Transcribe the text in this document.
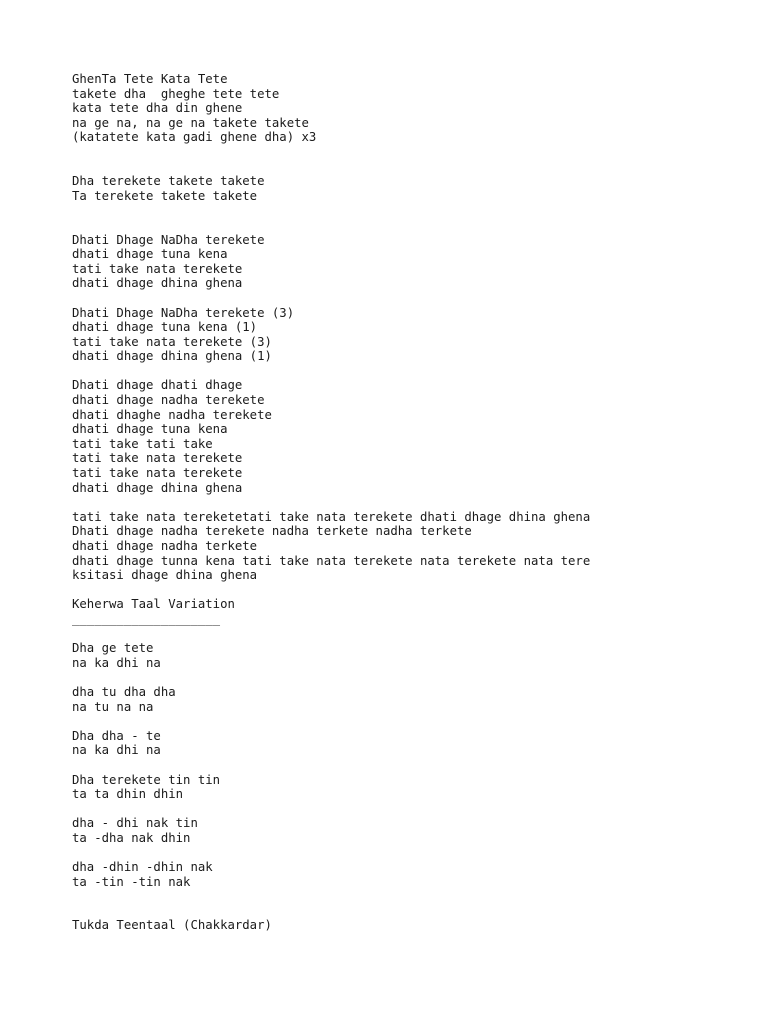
GhenTa Tete Kata Tete
takete dha  gheghe tete tete
kata tete dha din ghene
na ge na, na ge na takete takete
(katatete kata gadi ghene dha) x3
Dha terekete takete takete
Ta terekete takete takete
Dhati Dhage NaDha terekete
dhati dhage tuna kena
tati take nata terekete
dhati dhage dhina ghena
Dhati Dhage NaDha terekete (3)
dhati dhage tuna kena (1)
tati take nata terekete (3)
dhati dhage dhina ghena (1)
Dhati dhage dhati dhage
dhati dhage nadha terekete
dhati dhaghe nadha terekete
dhati dhage tuna kena
tati take tati take
tati take nata terekete
tati take nata terekete
dhati dhage dhina ghena
tati take nata tereketetati take nata terekete dhati dhage dhina ghena
Dhati dhage nadha terekete nadha terkete nadha terkete
dhati dhage nadha terkete
dhati dhage tunna kena tati take nata terekete nata terekete nata tere
ksitasi dhage dhina ghena
Keherwa Taal Variation
____________________
Dha ge tete
na ka dhi na
dha tu dha dha
na tu na na
Dha dha - te
na ka dhi na
Dha terekete tin tin
ta ta dhin dhin
dha - dhi nak tin
ta -dha nak dhin
dha -dhin -dhin nak
ta -tin -tin nak
Tukda Teentaal (Chakkardar)
